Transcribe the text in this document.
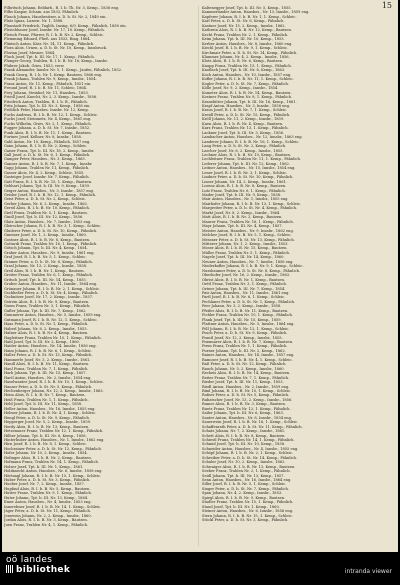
15
Filbritsch Johann, Eeldarb., R. I. b. Th. Nr. 3, Kemp., 1838 eng.
Filbs Kaspar, Scham. aus 1833, Fähnlich.
Flasch Johann, Hausbesitzer, a. D. b. St. Nr. 2, 1849 ein.
Flatz Ignaz, Luzern: Nr. 1, 1888.
Flaustadt Friedrich, Taglöh. Inzing, 6/9. Kemp., Fähnlich, 1858 ein.
Fleischhauer Josef, Innsbr. Nr. 17, 18. Kemp., Fähnlich.
Fleisch Franz, Pfarrer, R. I. b. B. Nr. 2, Kemp., Schleic.
Flemming Eduard, Fließ. aus 1833, Ring, 1864.
Flintsch Anton, Käsr. Nr. 14, 11. Kemp., Fähnlich.
Flora Alois, Urnen, a. D. b. St. Nr. 10, Kemp., Innsbruck.
Florian Josef, Mesner, 1864.
Fluch Josef, Tpt. b. III. Nr. 17, 1. Kemp., Fähnlich.
Flunger Georg, Trahlen, R. I. b. B. Nr. 16, Kemp., Innsbr.
Fluhrer Jakob, Gries, 1853, verw.
Frank Alexander, Innsbr. Nr. 5, 1. Kemp., Jaufen, Fähnlich, 1852.
Frank Georg, R. I. b. Nr. 1, Kemp. Bautzen, 1866 eng.
Frank Johann, Trahlen Nr. 9, Kemp., Innsbr., 1854.
Franz Anton, Nr. 11, Kemp., Fähnlich, 1851 ein.
Freund Josef, R. I. b. B. Nr. 11, Schleic, 1864.
Frey Johann, Steinhof, Nr. 11, Hausbes., 1853.
Friedl Josef, Knecht, Nr. 2, 3. Kemp., Innsbr., 1856.
Friedrich Anton, Trahlen, R. I. b. B., Fähnlich.
Fritz Johann, Tpt. b. III. Nr. 3, Kemp., 1858 ein.
Fröhlich Peter, Hausbes. Innsbr. Nr. 12, Kemp.
Fuchs Andreas, R. I. b. B. Nr. 12, 1. Kemp., Schleic.
Fuchs Josef, Steinmetz, Nr. 4, Kemp., 1861 eng.
Fuchs Wilhelm, Gries, Nr. 2, 1. Kemp., Fähnlich.
Fugger Johann, a. D. b. St. Nr. 7, Innsbr., 1852.
Funk Alois, R. I. b. B. Nr. 11, 1. Kemp., Bautzen.
Furtner Josef, Kellner, Nr. 8, Innsbr., 1858.
Gabl Anton, Nr. 10, Kemp., Fähnlich, 1857 eng.
Gaim Johann, R. I. b. B. Nr. 2, Kemp., Schleic.
Gaiser Franz, Tpt. b. III. Nr. 18, 2. Kemp., Innsbr.
Gall Josef, a. D. b. St. Nr. 6, 1. Kemp., Fähnlich.
Gamper Peter, Hausbes., Nr. 3, Kemp., 1863.
Ganner Anton, R. I. b. B. Nr. 7, 1. Kemp., Innsbr.
Gapp Johann, Trahlen Nr. 11, Kemp., Fähnlich.
Gasser Alois, Nr. 4, 2. Kemp., Schleic, 1855.
Gasteiger Josef, Innsbr. Nr. 7, Kemp., Fähnlich.
Gatt Franz, R. I. b. B. Nr. 15, 1. Kemp., Bautzen.
Gebhart Johann, Tpt. b. III. Nr. 9, Kemp., 1859.
Geiger Anton, Hausbes., Nr. 3, Innsbr., 1857 eng.
Geisler Josef, R. I. b. B. Nr. 12, 1. Kemp., Fähnlich.
Geist Peter, a. D. b. St. Nr. 2, Kemp., Schleic.
Gerber Johann, Nr. 6, 2. Kemp., Innsbr., 1862.
Gerstl Alois, R. I. b. B. Nr. 10, Kemp., Fähnlich.
Gietl Franz, Trahlen Nr. 5, 1. Kemp., Bautzen.
Gindl Josef, Tpt. b. III. Nr. 12, Kemp., 1856.
Glatz Anton, Hausbes., Nr. 7, Innsbr., 1853 eng.
Gleirscher Johann, R. I. b. B. Nr. 3, 1. Kemp., Schleic.
Gluderer Peter, a. D. b. St. Nr. 10, Kemp., Fähnlich.
Gmeiner Josef, Nr. 1, 2. Kemp., Innsbr., 1860.
Gostner Alois, R. I. b. B. Nr. 8, Kemp., Bautzen.
Gottardi Franz, Trahlen Nr. 16, 1. Kemp., Fähnlich.
Götsch Johann, Tpt. b. III. Nr. 4, Kemp., 1854.
Graber Anton, Hausbes., Nr. 9, Innsbr., 1861 eng.
Graf Josef, R. I. b. B. Nr. 5, 1. Kemp., Schleic.
Gramer Peter, a. D. b. St. Nr. 8, Kemp., Fähnlich.
Grasl Johann, Nr. 13, 2. Kemp., Innsbr., 1858.
Greil Alois, R. I. b. B. Nr. 1, Kemp., Bautzen.
Greiter Franz, Trahlen Nr. 6, 1. Kemp., Fähnlich.
Gritsch Josef, Tpt. b. III. Nr. 14, Kemp., 1855.
Gruber Anton, Hausbes., Nr. 11, Innsbr., 1864 eng.
Grünauer Johann, R. I. b. B. Nr. 2, 1. Kemp., Schleic.
Gschließer Peter, a. D. b. St. Nr. 4, Kemp., Fähnlich.
Gschnitzer Josef, Nr. 17, 2. Kemp., Innsbr., 1857.
Gstrein Alois, R. I. b. B. Nr. 9, Kemp., Bautzen.
Guem Franz, Trahlen Nr. 3, 1. Kemp., Fähnlich.
Gufler Johann, Tpt. b. III. Nr. 7, Kemp., 1862.
Gummerer Anton, Hausbes., Nr. 5, Innsbr., 1859 eng.
Gutmann Josef, R. I. b. B. Nr. 12, 1. Kemp., Schleic.
Haas Peter, a. D. b. St. Nr. 1, Kemp., Fähnlich.
Haberl Johann, Nr. 8, 2. Kemp., Innsbr., 1853.
Hafner Alois, R. I. b. B. Nr. 4, Kemp., Bautzen.
Hagleitner Franz, Trahlen Nr. 10, 1. Kemp., Fähnlich.
Haid Josef, Tpt. b. III. Nr. 2, Kemp., 1860.
Haider Anton, Hausbes., Nr. 14, Innsbr., 1856 eng.
Haim Johann, R. I. b. B. Nr. 6, 1. Kemp., Schleic.
Haller Peter, a. D. b. St. Nr. 13, Kemp., Fähnlich.
Hammerle Josef, Nr. 3, 2. Kemp., Innsbr., 1861.
Handl Alois, R. I. b. B. Nr. 11, Kemp., Bautzen.
Hanl Franz, Trahlen Nr. 7, 1. Kemp., Fähnlich.
Harb Johann, Tpt. b. III. Nr. 15, Kemp., 1857.
Hartl Anton, Hausbes., Nr. 2, Innsbr., 1854 eng.
Haselwanter Josef, R. I. b. B. Nr. 10, 1. Kemp., Schleic.
Hauser Peter, a. D. b. St. Nr. 5, Kemp., Fähnlich.
Hechenberger Johann, Nr. 12, 2. Kemp., Innsbr., 1863.
Heim Alois, R. I. b. B. Nr. 7, Kemp., Bautzen.
Heiß Franz, Trahlen Nr. 1, 1. Kemp., Fähnlich.
Held Josef, Tpt. b. III. Nr. 11, Kemp., 1858.
Heller Anton, Hausbes., Nr. 16, Innsbr., 1855 eng.
Helmer Johann, R. I. b. B. Nr. 4, 1. Kemp., Schleic.
Hengl Peter, a. D. b. St. Nr. 9, Kemp., Fähnlich.
Hepperger Josef, Nr. 5, 2. Kemp., Innsbr., 1859.
Herdy Alois, R. I. b. B. Nr. 13, Kemp., Bautzen.
Hetzenauer Franz, Trahlen Nr. 12, 1. Kemp., Fähnlich.
Hilber Johann, Tpt. b. III. Nr. 6, Kemp., 1856.
Hinterhuber Anton, Hausbes., Nr. 1, Innsbr., 1862 eng.
Hirn Josef, R. I. b. B. Nr. 8, 1. Kemp., Schleic.
Hochrainer Peter, a. D. b. St. Nr. 12, Kemp., Fähnlich.
Hofer Johann, Nr. 10, 2. Kemp., Innsbr., 1854.
Hofinger Alois, R. I. b. B. Nr. 2, Kemp., Bautzen.
Hofmann Franz, Trahlen Nr. 14, 1. Kemp., Fähnlich.
Holzer Josef, Tpt. b. III. Nr. 1, Kemp., 1861.
Holzknecht Anton, Hausbes., Nr. 6, Innsbr., 1858 eng.
Hörtnagl Johann, R. I. b. B. Nr. 15, 1. Kemp., Schleic.
Huber Peter, a. D. b. St. Nr. 3, Kemp., Fähnlich.
Hueber Josef, Nr. 7, 2. Kemp., Innsbr., 1857.
Hupfauf Alois, R. I. b. B. Nr. 5, Kemp., Bautzen.
Hutter Franz, Trahlen Nr. 9, 1. Kemp., Fähnlich.
Huter Johann, Tpt. b. III. Nr. 13, Kemp., 1864.
Ilmer Anton, Hausbes., Nr. 4, Innsbr., 1853 eng.
Innerebner Josef, R. I. b. B. Nr. 14, 1. Kemp., Schleic.
Jäger Peter, a. D. b. St. Nr. 11, Kemp., Fähnlich.
Jenewein Johann, Nr. 2, 2. Kemp., Innsbr., 1860.
Jordan Alois, R. I. b. B. Nr. 3, Kemp., Bautzen.
Juen Franz, Trahlen Nr. 4, 1. Kemp., Fähnlich.
Kaltenegger Josef, Tpt. b. III. Nr. 5, Kemp., 1855.
Kammerlander Anton, Hausbes., Nr. 13, Innsbr., 1859 eng.
Kapferer Johann, R. I. b. B. Nr. 1, 1. Kemp., Schleic.
Karl Peter, a. D. b. St. Nr. 6, Kemp., Fähnlich.
Kastner Josef, Nr. 15, 2. Kemp., Innsbr., 1862.
Kathrein Alois, R. I. b. B. Nr. 12, Kemp., Bautzen.
Kecht Franz, Trahlen Nr. 2, 1. Kemp., Fähnlich.
Keim Johann, Tpt. b. III. Nr. 10, Kemp., 1853.
Kerber Anton, Hausbes., Nr. 8, Innsbr., 1860 eng.
Kiechl Josef, R. I. b. B. Nr. 9, 1. Kemp., Schleic.
Kirchmair Peter, a. D. b. St. Nr. 14, Kemp., Fähnlich.
Klammer Johann, Nr. 4, 2. Kemp., Innsbr., 1856.
Klotz Alois, R. I. b. B. Nr. 6, Kemp., Bautzen.
Knapp Franz, Trahlen Nr. 15, 1. Kemp., Fähnlich.
Knoflach Josef, Tpt. b. III. Nr. 8, Kemp., 1863.
Koch Anton, Hausbes., Nr. 10, Innsbr., 1857 eng.
Kofler Johann, R. I. b. B. Nr. 11, 1. Kemp., Schleic.
Kogler Peter, a. D. b. St. Nr. 7, Kemp., Fähnlich.
Kölle Josef, Nr. 9, 2. Kemp., Innsbr., 1854.
Kometer Alois, R. I. b. B. Nr. 14, Kemp., Bautzen.
Kostner Franz, Trahlen Nr. 8, 1. Kemp., Fähnlich.
Kranebitter Johann, Tpt. b. III. Nr. 16, Kemp., 1861.
Krapf Anton, Hausbes., Nr. 3, Innsbr., 1858 eng.
Kraus Josef, R. I. b. B. Nr. 7, 1. Kemp., Schleic.
Kreidl Peter, a. D. b. St. Nr. 15, Kemp., Fähnlich.
Kröll Johann, Nr. 11, 2. Kemp., Innsbr., 1859.
Kuen Alois, R. I. b. B. Nr. 4, Kemp., Bautzen.
Kurz Franz, Trahlen Nr. 13, 1. Kemp., Fähnlich.
Lackner Josef, Tpt. b. III. Nr. 3, Kemp., 1856.
Lambacher Anton, Hausbes., Nr. 12, Innsbr., 1863 eng.
Landerer Johann, R. I. b. B. Nr. 16, 1. Kemp., Schleic.
Lang Peter, a. D. b. St. Nr. 2, Kemp., Fähnlich.
Larcher Josef, Nr. 6, 2. Kemp., Innsbr., 1855.
Lechner Alois, R. I. b. B. Nr. 10, Kemp., Bautzen.
Lechleitner Franz, Trahlen Nr. 11, 1. Kemp., Fähnlich.
Lederer Johann, Tpt. b. III. Nr. 12, Kemp., 1862.
Leitner Anton, Hausbes., Nr. 15, Innsbr., 1854 eng.
Lener Josef, R. I. b. B. Nr. 3, 1. Kemp., Schleic.
Lindner Peter, a. D. b. St. Nr. 10, Kemp., Fähnlich.
Linser Johann, Nr. 14, 2. Kemp., Innsbr., 1861.
Lorenz Alois, R. I. b. B. Nr. 8, Kemp., Bautzen.
Lutz Franz, Trahlen Nr. 6, 1. Kemp., Fähnlich.
Mader Josef, Tpt. b. III. Nr. 9, Kemp., 1858.
Mair Anton, Hausbes., Nr. 1, Innsbr., 1855 eng.
Mairhofer Johann, R. I. b. B. Nr. 13, 1. Kemp., Schleic.
Margreiter Peter, a. D. b. St. Nr. 4, Kemp., Fähnlich.
Markt Josef, Nr. 8, 2. Kemp., Innsbr., 1864.
Matt Alois, R. I. b. B. Nr. 2, Kemp., Bautzen.
Maurer Franz, Trahlen Nr. 16, 1. Kemp., Fähnlich.
Mayr Johann, Tpt. b. III. Nr. 4, Kemp., 1857.
Meister Anton, Hausbes., Nr. 9, Innsbr., 1862 eng.
Melcher Josef, R. I. b. B. Nr. 5, 1. Kemp., Schleic.
Messner Peter, a. D. b. St. Nr. 13, Kemp., Fähnlich.
Mitterer Johann, Nr. 1, 2. Kemp., Innsbr., 1853.
Moser Alois, R. I. b. B. Nr. 15, Kemp., Bautzen.
Müller Franz, Trahlen Nr. 5, 1. Kemp., Fähnlich.
Nagele Josef, Tpt. b. III. Nr. 14, Kemp., 1860.
Neuner Anton, Hausbes., Nr. 7, Innsbr., 1856 eng.
Niederkofler Johann, R. I. b. B. Nr. 9, 1. Kemp., Schleic.
Nussbaumer Peter, a. D. b. St. Nr. 8, Kemp., Fähnlich.
Oberhofer Josef, Nr. 16, 2. Kemp., Innsbr., 1863.
Obrist Alois, R. I. b. B. Nr. 1, Kemp., Bautzen.
Oettl Franz, Trahlen Nr. 3, 1. Kemp., Fähnlich.
Ortner Johann, Tpt. b. III. Nr. 7, Kemp., 1854.
Pair Anton, Hausbes., Nr. 11, Innsbr., 1861 eng.
Partl Josef, R. I. b. B. Nr. 6, 1. Kemp., Schleic.
Pechlaner Peter, a. D. b. St. Nr. 1, Kemp., Fähnlich.
Peer Johann, Nr. 3, 2. Kemp., Innsbr., 1858.
Pfeifer Alois, R. I. b. B. Nr. 11, Kemp., Bautzen.
Pichler Franz, Trahlen Nr. 10, 1. Kemp., Fähnlich.
Plank Josef, Tpt. b. III. Nr. 15, Kemp., 1859.
Plattner Anton, Hausbes., Nr. 5, Innsbr., 1864 eng.
Pöll Johann, R. I. b. B. Nr. 12, 1. Kemp., Schleic.
Posch Peter, a. D. b. St. Nr. 9, Kemp., Fähnlich.
Prantl Josef, Nr. 12, 2. Kemp., Innsbr., 1855.
Praxmarer Alois, R. I. b. B. Nr. 7, Kemp., Bautzen.
Prem Franz, Trahlen Nr. 1, 1. Kemp., Fähnlich.
Purner Johann, Tpt. b. III. Nr. 2, Kemp., 1862.
Rainer Anton, Hausbes., Nr. 14, Innsbr., 1857 eng.
Ramoser Josef, R. I. b. B. Nr. 4, 1. Kemp., Schleic.
Raß Peter, a. D. b. St. Nr. 12, Kemp., Fähnlich.
Rauch Johann, Nr. 5, 2. Kemp., Innsbr., 1860.
Recheis Alois, R. I. b. B. Nr. 14, Kemp., Bautzen.
Reiter Franz, Trahlen Nr. 7, 1. Kemp., Fähnlich.
Rieder Josef, Tpt. b. III. Nr. 11, Kemp., 1853.
Riedl Anton, Hausbes., Nr. 2, Innsbr., 1859 eng.
Riml Johann, R. I. b. B. Nr. 10, 1. Kemp., Schleic.
Rofner Peter, a. D. b. St. Nr. 5, Kemp., Fähnlich.
Rubatscher Josef, Nr. 13, 2. Kemp., Innsbr., 1856.
Rumer Alois, R. I. b. B. Nr. 3, Kemp., Bautzen.
Ruetz Franz, Trahlen Nr. 12, 1. Kemp., Fähnlich.
Sailer Johann, Tpt. b. III. Nr. 6, Kemp., 1863.
Santer Anton, Hausbes., Nr. 8, Innsbr., 1854 eng.
Sauerwein Josef, R. I. b. B. Nr. 16, 1. Kemp., Schleic.
Schaffenrath Peter, a. D. b. St. Nr. 11, Kemp., Fähnlich.
Schatz Johann, Nr. 7, 2. Kemp., Innsbr., 1861.
Schett Alois, R. I. b. B. Nr. 8, Kemp., Bautzen.
Schiestl Franz, Trahlen Nr. 14, 1. Kemp., Fähnlich.
Schmid Josef, Tpt. b. III. Nr. 10, Kemp., 1858.
Schneider Anton, Hausbes., Nr. 4, Innsbr., 1855 eng.
Schöpf Johann, R. I. b. B. Nr. 2, 1. Kemp., Schleic.
Schreiber Peter, a. D. b. St. Nr. 14, Kemp., Fähnlich.
Schuler Josef, Nr. 10, 2. Kemp., Innsbr., 1862.
Schwaiger Alois, R. I. b. B. Nr. 13, Kemp., Bautzen.
Seeber Franz, Trahlen Nr. 2, 1. Kemp., Fähnlich.
Seidl Johann, Tpt. b. III. Nr. 13, Kemp., 1857.
Senn Anton, Hausbes., Nr. 16, Innsbr., 1864 eng.
Siller Josef, R. I. b. B. Nr. 5, 1. Kemp., Schleic.
Singer Peter, a. D. b. St. Nr. 7, Kemp., Fähnlich.
Span Johann, Nr. 4, 2. Kemp., Innsbr., 1853.
Spiegl Alois, R. I. b. B. Nr. 9, Kemp., Bautzen.
Stadler Franz, Trahlen Nr. 15, 1. Kemp., Fähnlich.
Staud Josef, Tpt. b. III. Nr. 1, Kemp., 1860.
Steiner Anton, Hausbes., Nr. 6, Innsbr., 1856 eng.
Stern Johann, R. I. b. B. Nr. 15, 1. Kemp., Schleic.
Stöckl Peter, a. D. b. St. Nr. 3, Kemp., Fähnlich.
oö landes
bibliothek	intranda viewer
